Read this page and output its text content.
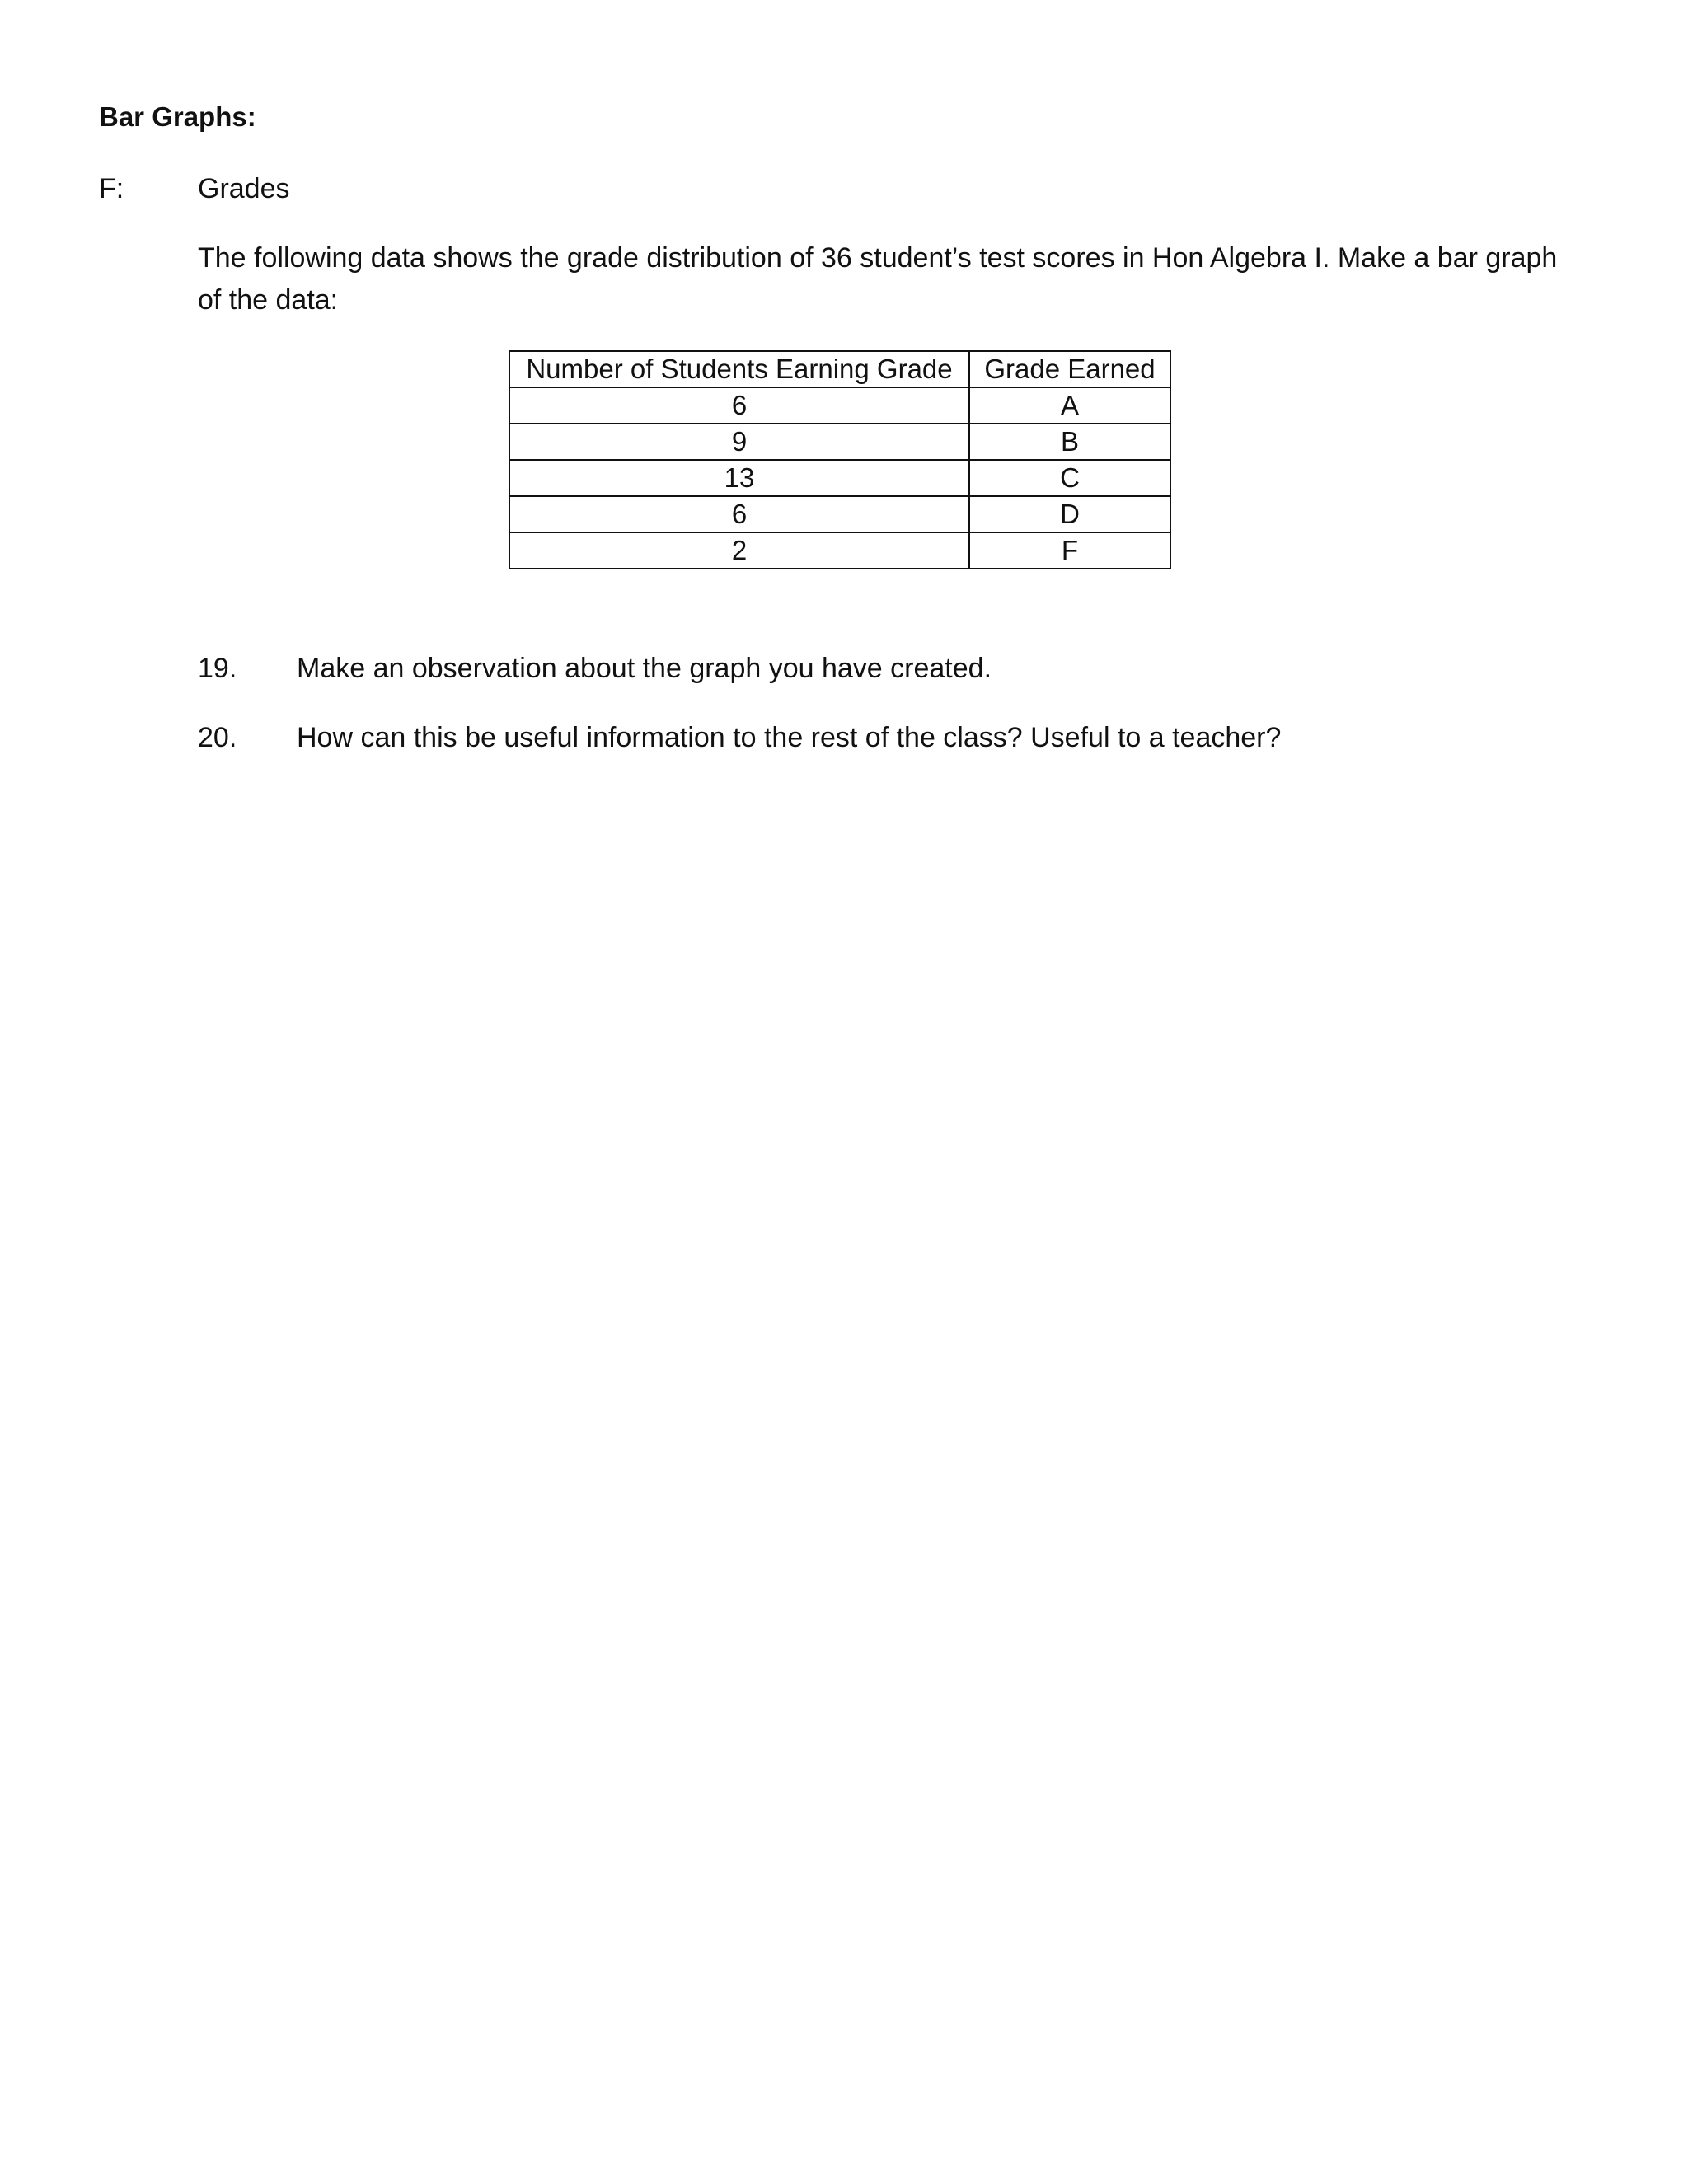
Bar Graphs:
F:	Grades
The following data shows the grade distribution of 36 student’s test scores in Hon Algebra I. Make a bar graph of the data:
Number of Students Earning Grade	Grade Earned
6	A
9	B
13	C
6	D
2	F
19. Make an observation about the graph you have created.
20. How can this be useful information to the rest of the class? Useful to a teacher?
